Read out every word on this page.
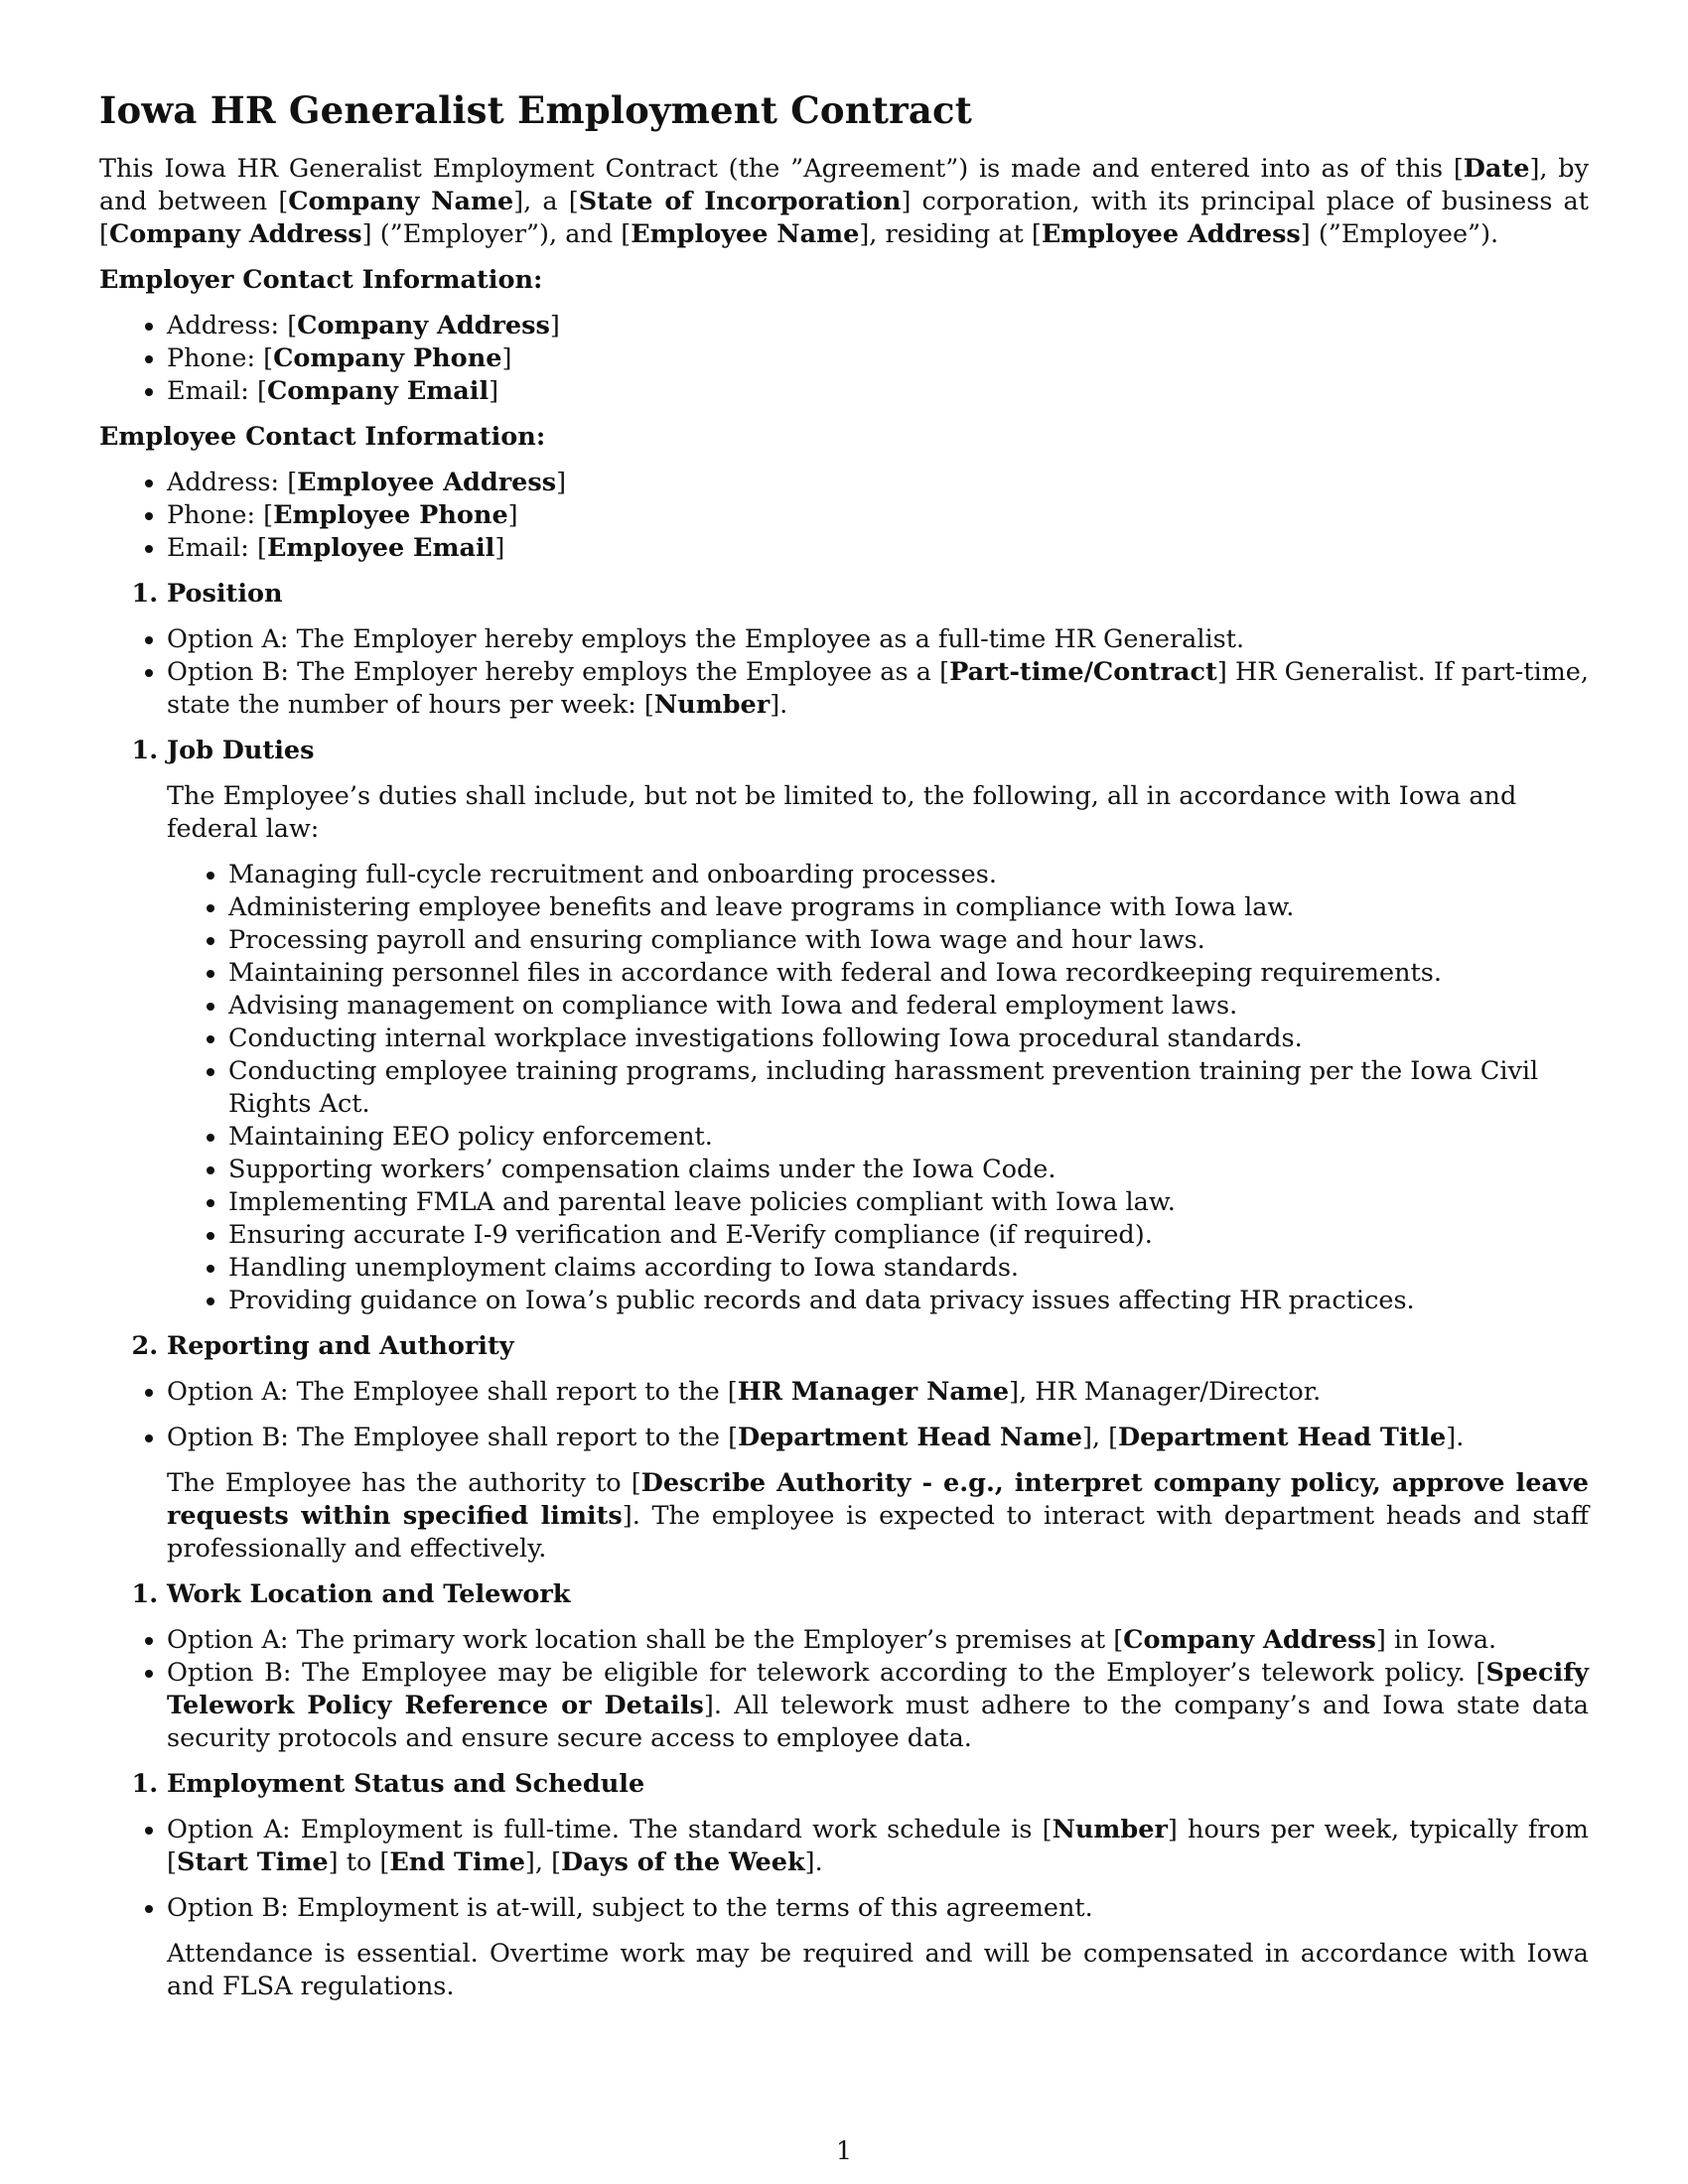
Iowa HR Generalist Employment Contract

This Iowa HR Generalist Employment Contract (the ”Agreement”) is made and entered into as of this [Date], by and between [Company Name], a [State of Incorporation] corporation, with its principal place of business at [Company Address] (”Employer”), and [Employee Name], residing at [Employee Address] (”Employee”).

Employer Contact Information:

• Address: [Company Address]
• Phone: [Company Phone]
• Email: [Company Email]

Employee Contact Information:

• Address: [Employee Address]
• Phone: [Employee Phone]
• Email: [Employee Email]
1. Position
• Option A: The Employer hereby employs the Employee as a full-time HR Generalist.
• Option B: The Employer hereby employs the Employee as a [Part-time/Contract] HR Generalist. If part-time, state the number of hours per week: [Number].
1. Job Duties

The Employee’s duties shall include, but not be limited to, the following, all in accordance with Iowa and federal law:

• Managing full-cycle recruitment and onboarding processes.
• Administering employee benefits and leave programs in compliance with Iowa law.
• Processing payroll and ensuring compliance with Iowa wage and hour laws.
• Maintaining personnel files in accordance with federal and Iowa recordkeeping requirements.
• Advising management on compliance with Iowa and federal employment laws.
• Conducting internal workplace investigations following Iowa procedural standards.
• Conducting employee training programs, including harassment prevention training per the Iowa Civil Rights Act.
• Maintaining EEO policy enforcement.
• Supporting workers’ compensation claims under the Iowa Code.
• Implementing FMLA and parental leave policies compliant with Iowa law.
• Ensuring accurate I-9 verification and E-Verify compliance (if required).
• Handling unemployment claims according to Iowa standards.
• Providing guidance on Iowa’s public records and data privacy issues affecting HR practices.
2. Reporting and Authority
• Option A: The Employee shall report to the [HR Manager Name], HR Manager/Director.
• Option B: The Employee shall report to the [Department Head Name], [Department Head Title].

The Employee has the authority to [Describe Authority - e.g., interpret company policy, approve leave requests within specified limits]. The employee is expected to interact with department heads and staff professionally and effectively.

1. Work Location and Telework
• Option A: The primary work location shall be the Employer’s premises at [Company Address] in Iowa.
• Option B: The Employee may be eligible for telework according to the Employer’s telework policy. [Specify Telework Policy Reference or Details]. All telework must adhere to the company’s and Iowa state data security protocols and ensure secure access to employee data.
1. Employment Status and Schedule
• Option A: Employment is full-time. The standard work schedule is [Number] hours per week, typically from [Start Time] to [End Time], [Days of the Week].
• Option B: Employment is at-will, subject to the terms of this agreement.

Attendance is essential. Overtime work may be required and will be compensated in accordance with Iowa and FLSA regulations.

1
